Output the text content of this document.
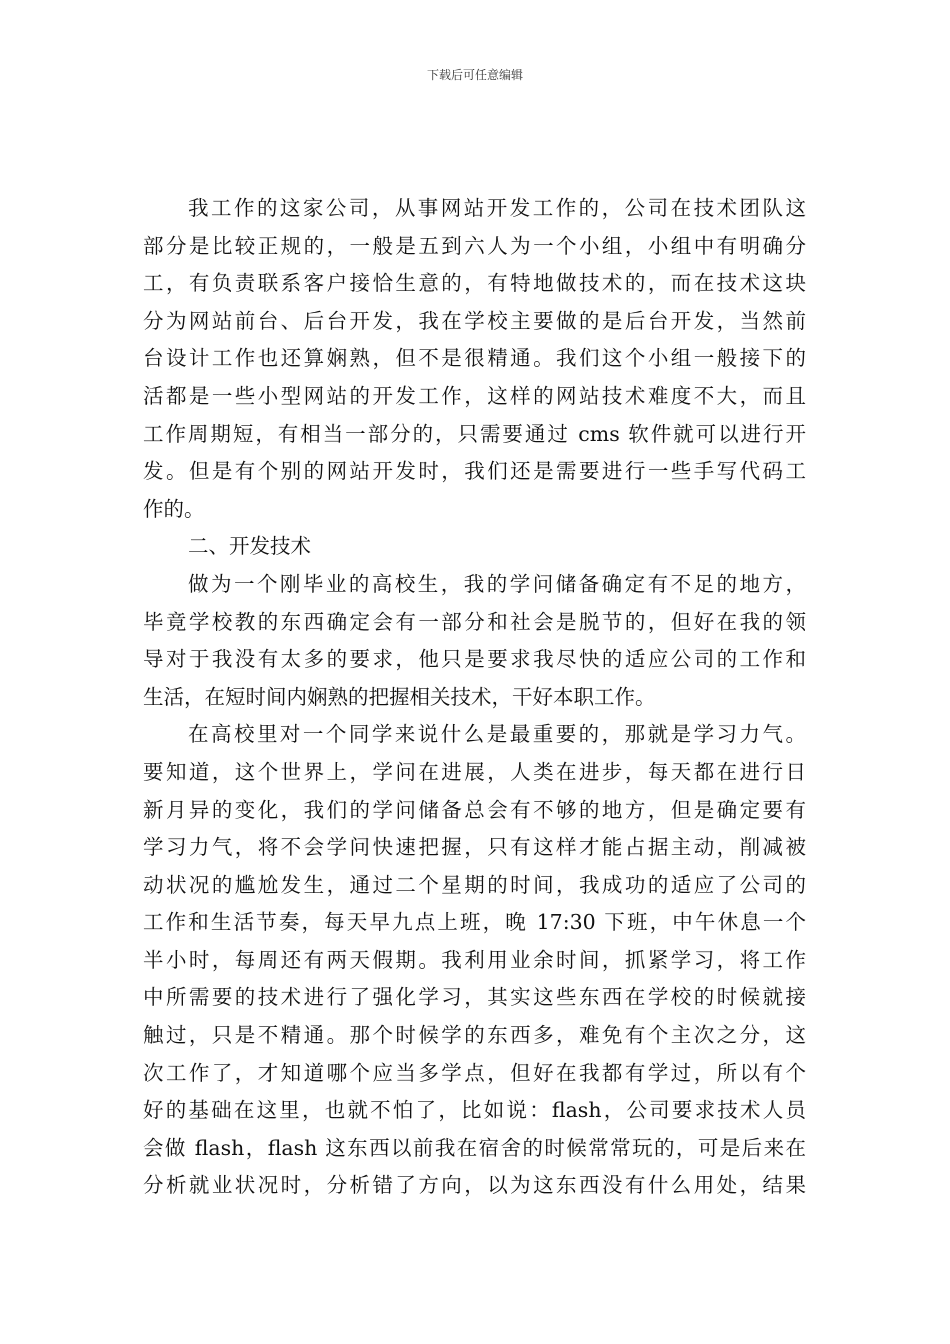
下载后可任意编辑
我工作的这家公司，从事网站开发工作的，公司在技术团队这
部分是比较正规的，一般是五到六人为一个小组，小组中有明确分
工，有负责联系客户接恰生意的，有特地做技术的，而在技术这块
分为网站前台、后台开发，我在学校主要做的是后台开发，当然前
台设计工作也还算娴熟，但不是很精通。我们这个小组一般接下的
活都是一些小型网站的开发工作，这样的网站技术难度不大，而且
工作周期短，有相当一部分的，只需要通过 cms 软件就可以进行开
发。但是有个别的网站开发时，我们还是需要进行一些手写代码工
作的。
二、开发技术
做为一个刚毕业的高校生，我的学问储备确定有不足的地方，
毕竟学校教的东西确定会有一部分和社会是脱节的，但好在我的领
导对于我没有太多的要求，他只是要求我尽快的适应公司的工作和
生活，在短时间内娴熟的把握相关技术，干好本职工作。
在高校里对一个同学来说什么是最重要的，那就是学习力气。
要知道，这个世界上，学问在进展，人类在进步，每天都在进行日
新月异的变化，我们的学问储备总会有不够的地方，但是确定要有
学习力气，将不会学问快速把握，只有这样才能占据主动，削减被
动状况的尴尬发生，通过二个星期的时间，我成功的适应了公司的
工作和生活节奏，每天早九点上班，晚 17:30 下班，中午休息一个
半小时，每周还有两天假期。我利用业余时间，抓紧学习，将工作
中所需要的技术进行了强化学习，其实这些东西在学校的时候就接
触过，只是不精通。那个时候学的东西多，难免有个主次之分，这
次工作了，才知道哪个应当多学点，但好在我都有学过，所以有个
好的基础在这里，也就不怕了，比如说：flash，公司要求技术人员
会做 flash，flash 这东西以前我在宿舍的时候常常玩的，可是后来在
分析就业状况时，分析错了方向，以为这东西没有什么用处，结果
